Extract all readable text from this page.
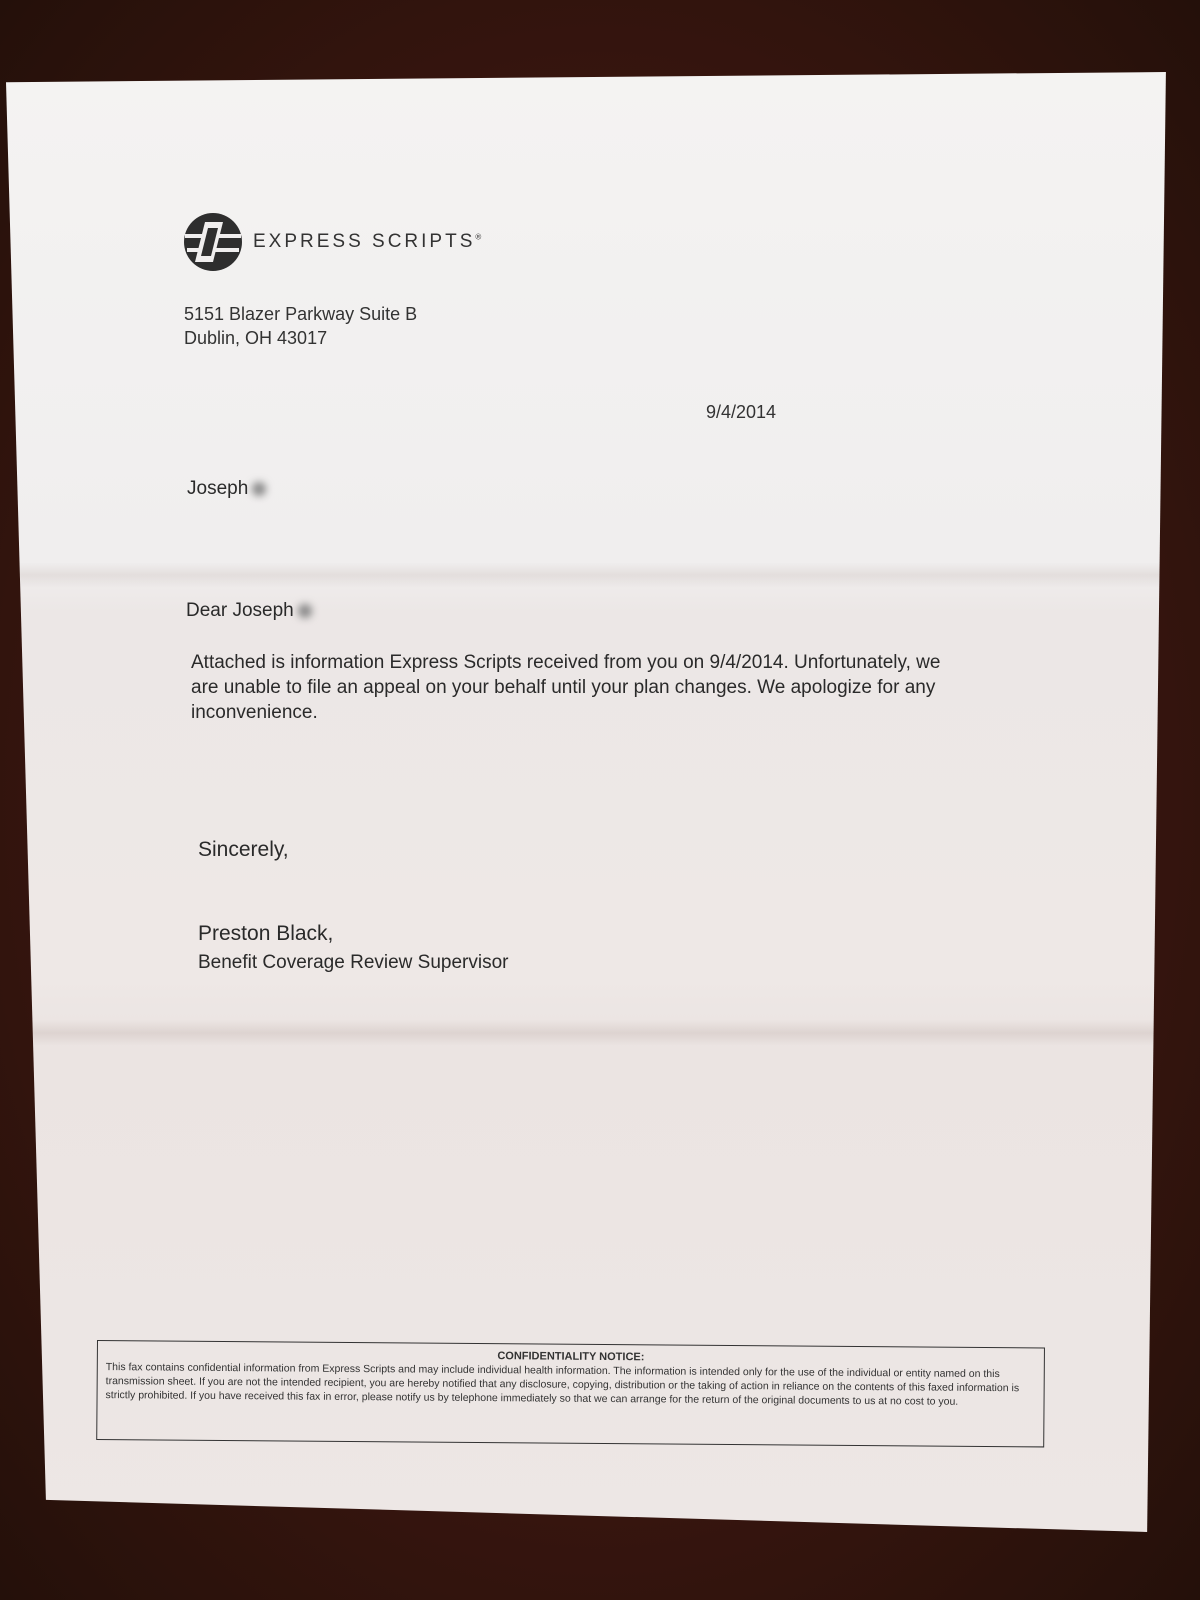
EXPRESS SCRIPTS®
5151 Blazer Parkway Suite B
Dublin, OH 43017
9/4/2014
Joseph
Dear Joseph
Attached is information Express Scripts received from you on 9/4/2014. Unfortunately, we are unable to file an appeal on your behalf until your plan changes. We apologize for any inconvenience.
Sincerely,
Preston Black,
Benefit Coverage Review Supervisor
CONFIDENTIALITY NOTICE:
This fax contains confidential information from Express Scripts and may include individual health information. The information is intended only for the use of the individual or entity named on this transmission sheet. If you are not the intended recipient, you are hereby notified that any disclosure, copying, distribution or the taking of action in reliance on the contents of this faxed information is strictly prohibited. If you have received this fax in error, please notify us by telephone immediately so that we can arrange for the return of the original documents to us at no cost to you.
